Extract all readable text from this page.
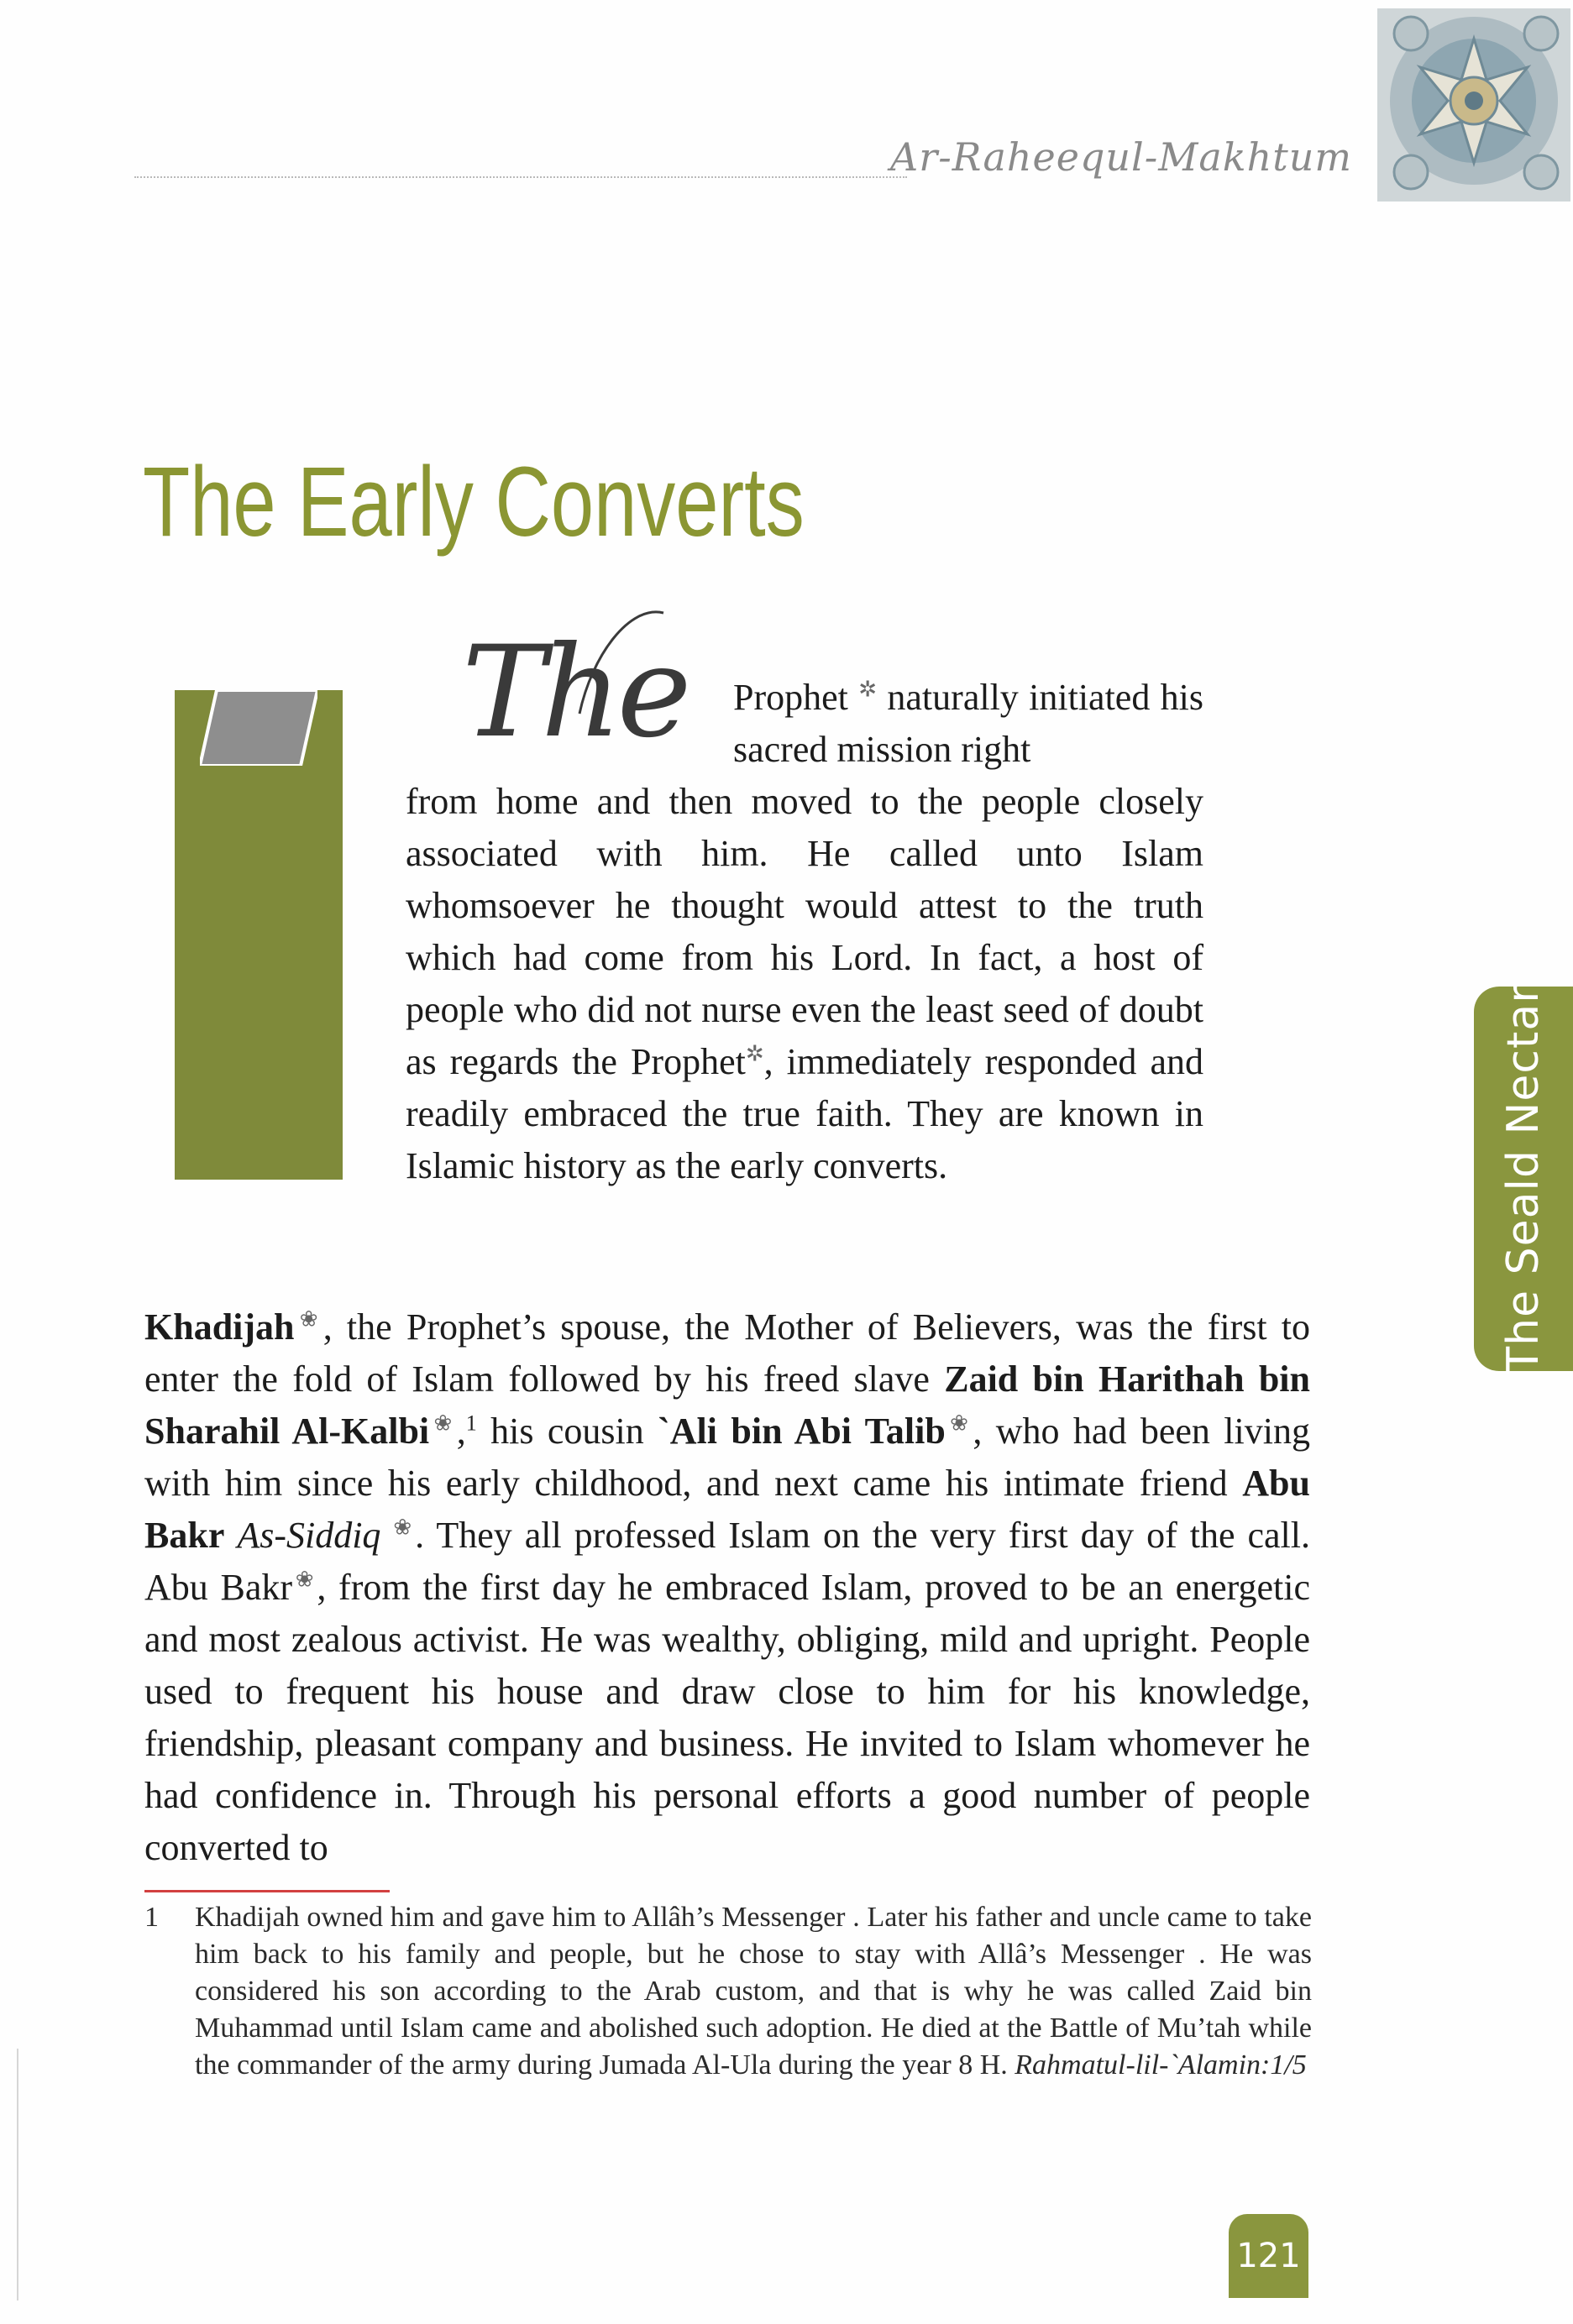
Ar-Raheequl-Makhtum
The Early Converts
The Prophet ✲ naturally initiated his sacred mission right
from home and then moved to the people closely associated with him. He called unto Islam whomsoever he thought would attest to the truth which had come from his Lord. In fact, a host of people who did not nurse even the least seed of doubt as regards the Prophet✲, immediately responded and readily embraced the true faith. They are known in Islamic history as the early converts.

Khadijah❀, the Prophet’s spouse, the Mother of Believers, was the first to enter the fold of Islam followed by his freed slave Zaid bin Harithah bin Sharahil Al-Kalbi❀,$^1$ his cousin `Ali bin Abi Talib❀, who had been living with him since his early childhood, and next came his intimate friend Abu Bakr As-Siddiq ❀. They all professed Islam on the very first day of the call. Abu Bakr❀, from the first day he embraced Islam, proved to be an energetic and most zealous activist. He was wealthy, obliging, mild and upright. People used to frequent his house and draw close to him for his knowledge, friendship, pleasant company and business. He invited to Islam whomever he had confidence in. Through his personal efforts a good number of people converted to

1	Khadijah owned him and gave him to Allâh’s Messenger . Later his father and uncle came to take him back to his family and people, but he chose to stay with Allâ’s Messenger . He was considered his son according to the Arab custom, and that is why he was called Zaid bin Muhammad until Islam came and abolished such adoption. He died at the Battle of Mu’tah while the commander of the army during Jumada Al-Ula during the year 8 H. Rahmatul-lil-`Alamin:1/5
The Seald Nectar
121
